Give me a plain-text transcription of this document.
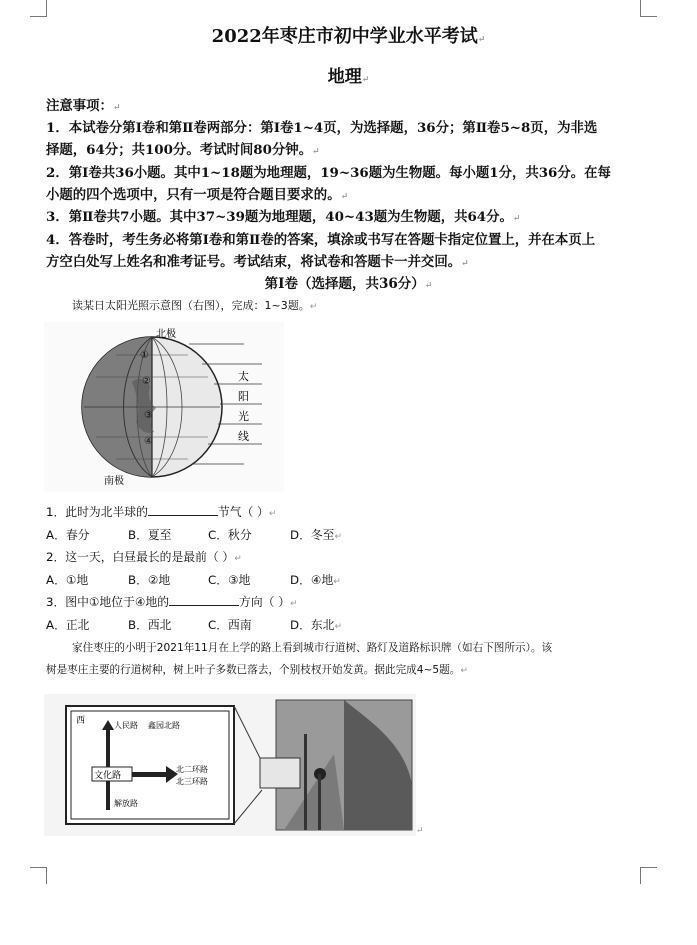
2022年枣庄市初中学业水平考试↵
地理↵
注意事项：↵
1．本试卷分第Ⅰ卷和第Ⅱ卷两部分：第Ⅰ卷1~4页，为选择题，36分；第Ⅱ卷5~8页，为非选
择题，64分；共100分。考试时间80分钟。↵
2．第Ⅰ卷共36小题。其中1~18题为地理题，19~36题为生物题。每小题1分，共36分。在每
小题的四个选项中，只有一项是符合题目要求的。↵
3．第Ⅱ卷共7小题。其中37~39题为地理题，40~43题为生物题，共64分。↵
4．答卷时，考生务必将第Ⅰ卷和第Ⅱ卷的答案，填涂或书写在答题卡指定位置上，并在本页上
方空白处写上姓名和准考证号。考试结束，将试卷和答题卡一并交回。↵
第Ⅰ卷（选择题，共36分）↵
读某日太阳光照示意图（右图），完成：1~3题。↵
北极
南极
太
阳
光
线
①
②
③
④
1．此时为北半球的	节气（ ）↵
A．春分	B．夏至	C．秋分	D．冬至↵
2．这一天，白昼最长的是最前（ ）↵
A．①地	B．②地	C．③地	D．④地↵
3．图中①地位于④地的	方向（ ）↵
A．正北	B．西北	C．西南	D．东北↵
家住枣庄的小明于2021年11月在上学的路上看到城市行道树、路灯及道路标识牌（如右下图所示）。该
树是枣庄主要的行道树种，树上叶子多数已落去，个别枝杈开始发黄。据此完成4~5题。↵
西
文化路
人民路 鑫园北路
北二环路
北三环路
解放路
↵
